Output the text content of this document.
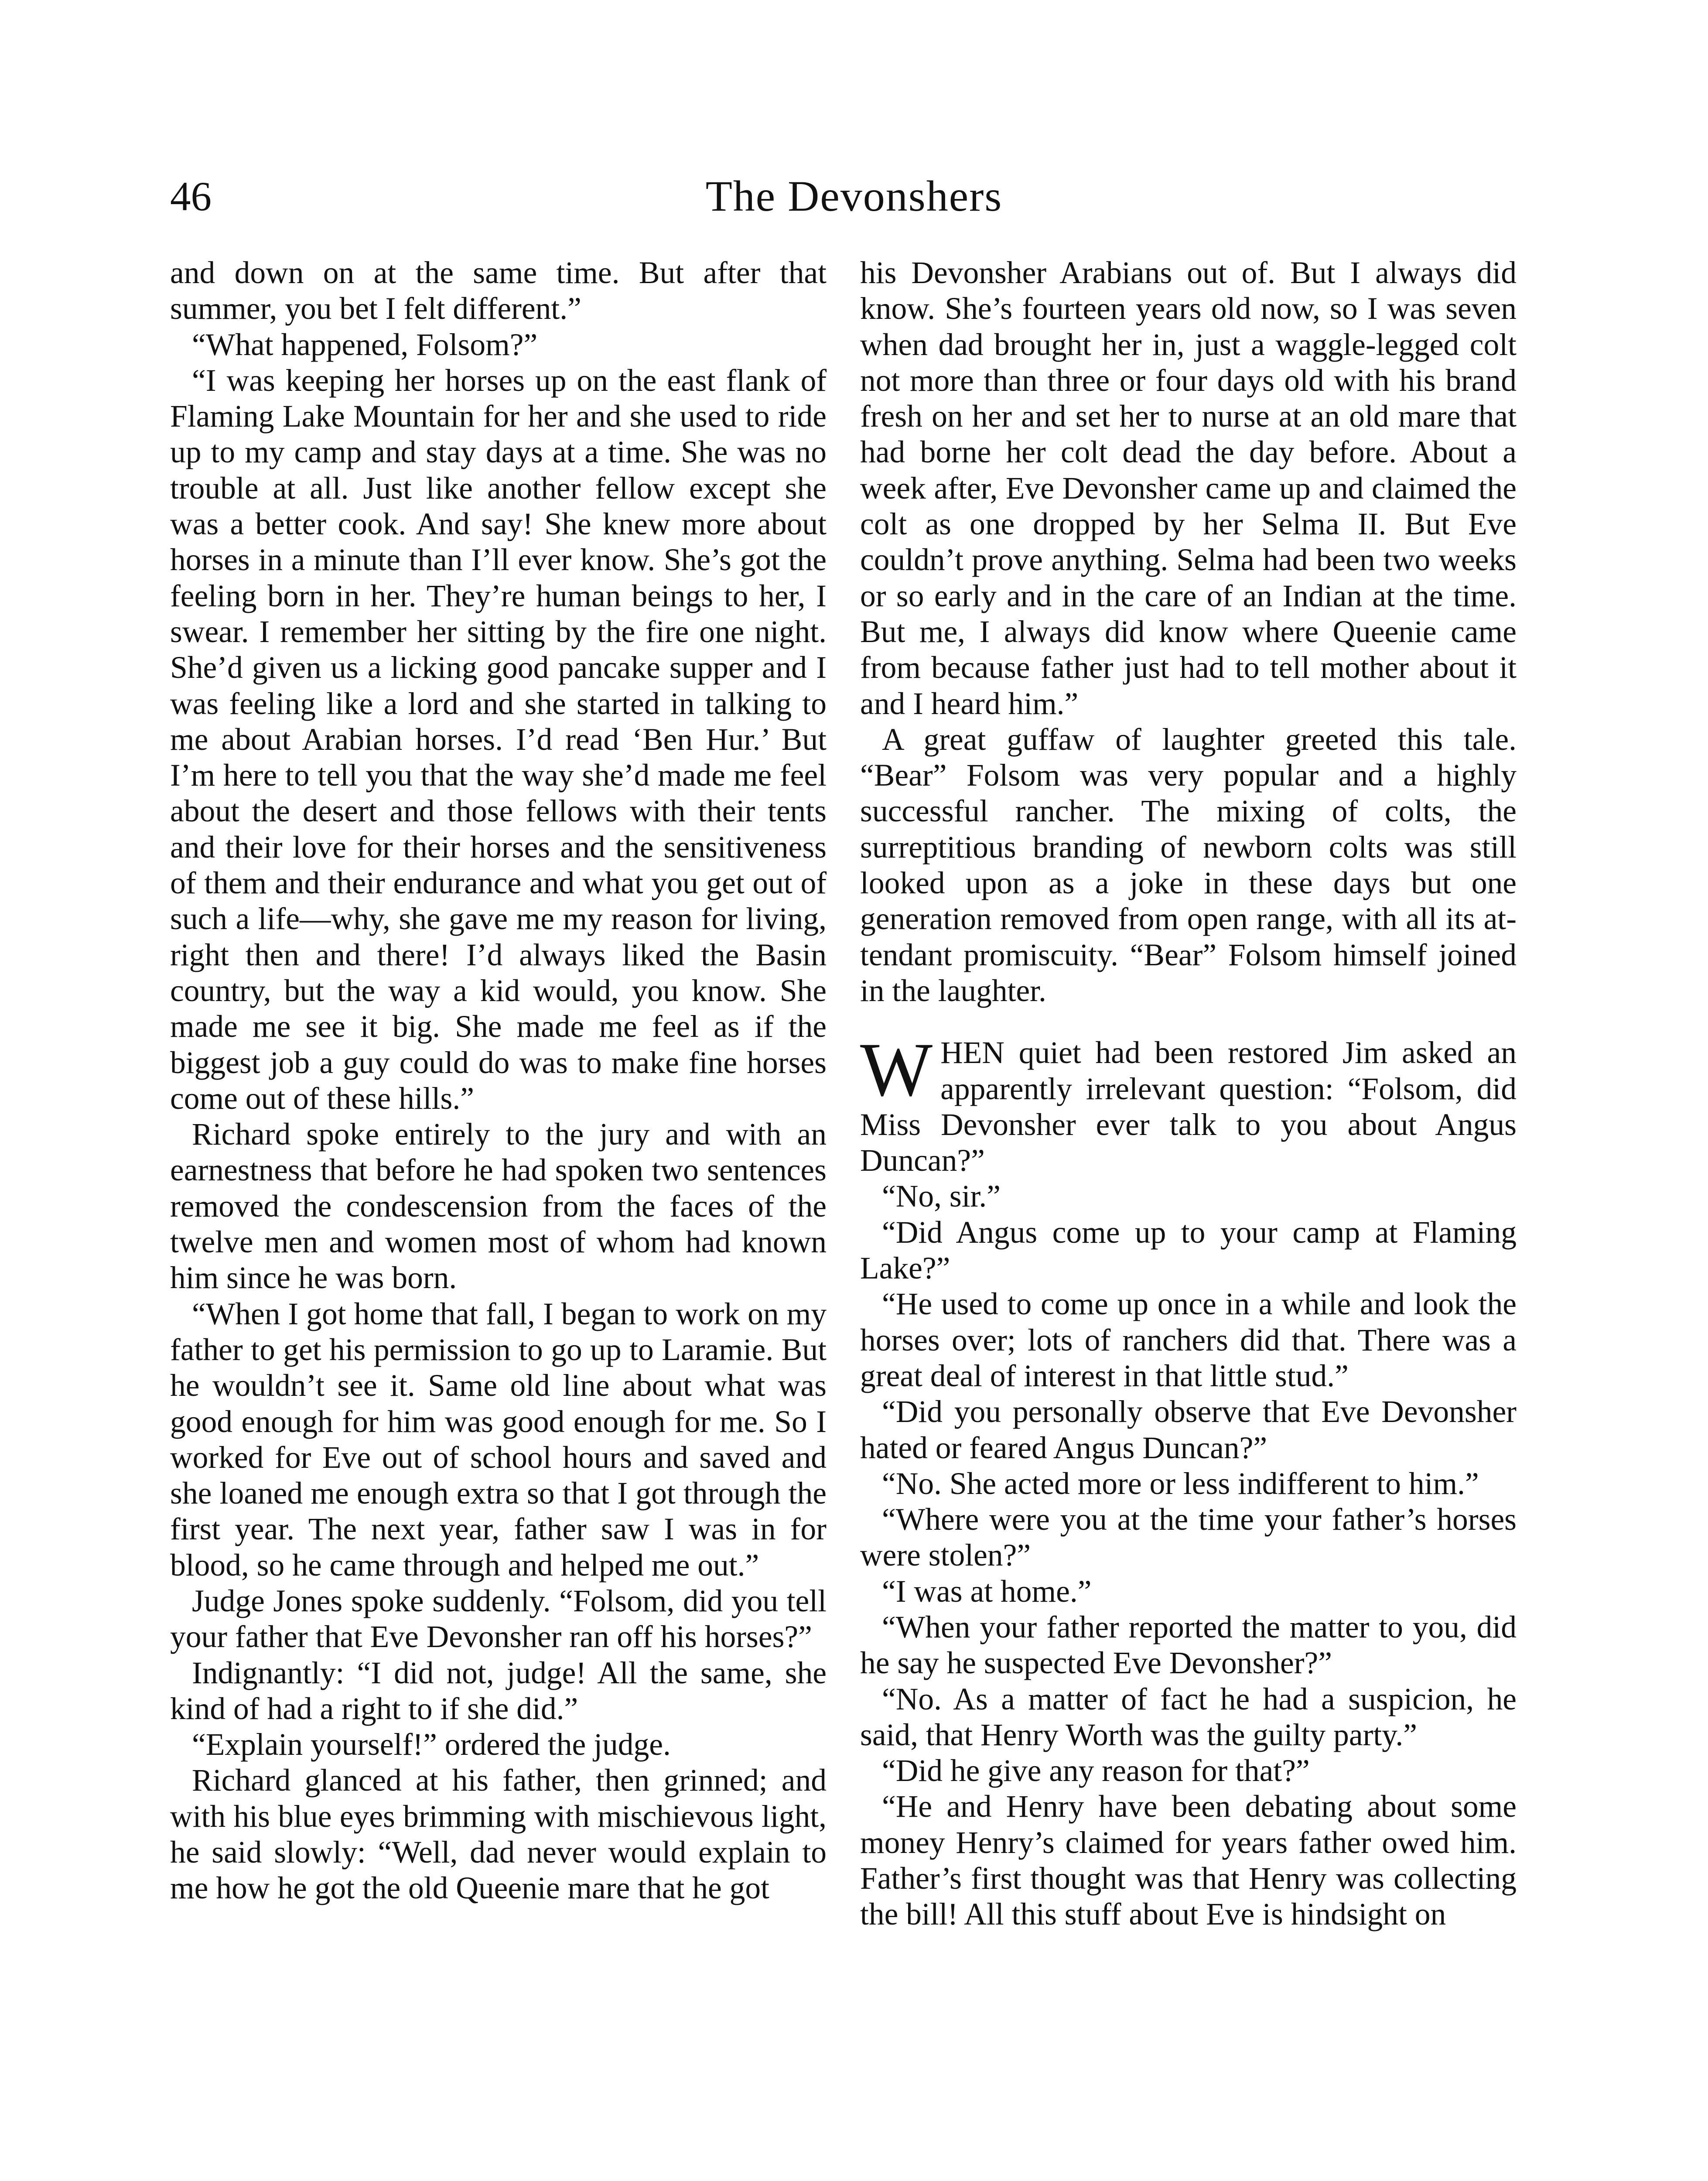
46	The Devonshers

and down on at the same time. But after that summer, you bet I felt different.”

“What happened, Folsom?”

“I was keeping her horses up on the east flank of Flaming Lake Mountain for her and she used to ride up to my camp and stay days at a time. She was no trouble at all. Just like another fellow except she was a better cook. And say! She knew more about horses in a minute than I’ll ever know. She’s got the feeling born in her. They’re human beings to her, I swear. I remember her sitting by the fire one night. She’d given us a licking good pancake supper and I was feeling like a lord and she started in talking to me about Arabian horses. I’d read ‘Ben Hur.’ But I’m here to tell you that the way she’d made me feel about the desert and those fellows with their tents and their love for their horses and the sensitiveness of them and their endurance and what you get out of such a life—why, she gave me my reason for living, right then and there! I’d always liked the Basin country, but the way a kid would, you know. She made me see it big. She made me feel as if the biggest job a guy could do was to make fine horses come out of these hills.”

Richard spoke entirely to the jury and with an earnestness that before he had spoken two sentences removed the condescension from the faces of the twelve men and women most of whom had known him since he was born.

“When I got home that fall, I began to work on my father to get his permission to go up to Laramie. But he wouldn’t see it. Same old line about what was good enough for him was good enough for me. So I worked for Eve out of school hours and saved and she loaned me enough extra so that I got through the first year. The next year, father saw I was in for blood, so he came through and helped me out.”

Judge Jones spoke suddenly. “Folsom, did you tell your father that Eve Devonsher ran off his horses?”

Indignantly: “I did not, judge! All the same, she kind of had a right to if she did.”

“Explain yourself!” ordered the judge.

Richard glanced at his father, then grinned; and with his blue eyes brimming with mischievous light, he said slowly: “Well, dad never would explain to me how he got the old Queenie mare that he got

his Devonsher Arabians out of. But I always did know. She’s fourteen years old now, so I was seven when dad brought her in, just a waggle-legged colt not more than three or four days old with his brand fresh on her and set her to nurse at an old mare that had borne her colt dead the day before. About a week after, Eve Devonsher came up and claimed the colt as one dropped by her Selma II. But Eve couldn’t prove anything. Selma had been two weeks or so early and in the care of an Indian at the time. But me, I always did know where Queenie came from because father just had to tell mother about it and I heard him.”

A great guffaw of laughter greeted this tale. “Bear” Folsom was very popular and a highly successful rancher. The mixing of colts, the surreptitious branding of newborn colts was still looked upon as a joke in these days but one generation removed from open range, with all its attendant promiscuity. “Bear” Folsom himself joined in the laughter.

WHEN quiet had been restored Jim asked an apparently irrelevant question: “Folsom, did Miss Devonsher ever talk to you about Angus Duncan?”

“No, sir.”

“Did Angus come up to your camp at Flaming Lake?”

“He used to come up once in a while and look the horses over; lots of ranchers did that. There was a great deal of interest in that little stud.”

“Did you personally observe that Eve Devonsher hated or feared Angus Duncan?”

“No. She acted more or less indifferent to him.”

“Where were you at the time your father’s horses were stolen?”

“I was at home.”

“When your father reported the matter to you, did he say he suspected Eve Devonsher?”

“No. As a matter of fact he had a suspicion, he said, that Henry Worth was the guilty party.”

“Did he give any reason for that?”

“He and Henry have been debating about some money Henry’s claimed for years father owed him. Father’s first thought was that Henry was collecting the bill! All this stuff about Eve is hindsight on
